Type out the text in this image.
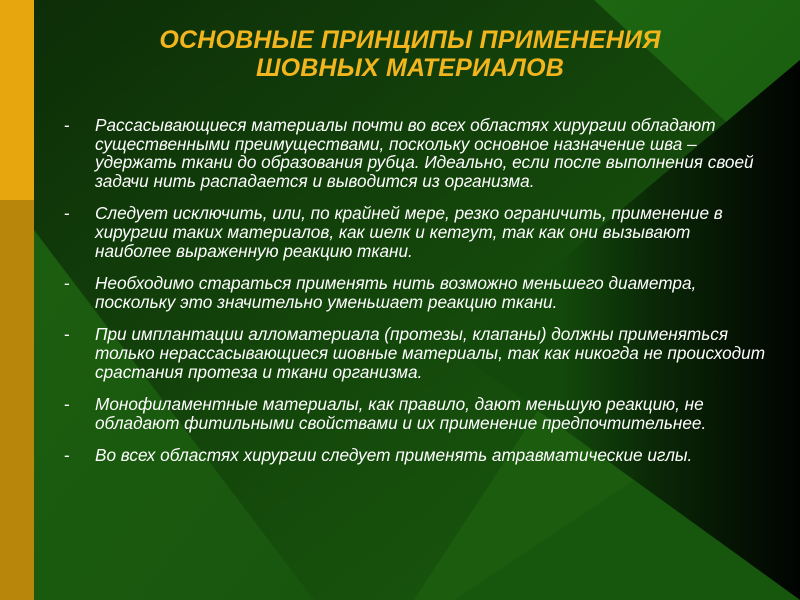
ОСНОВНЫЕ ПРИНЦИПЫ ПРИМЕНЕНИЯ
ШОВНЫХ МАТЕРИАЛОВ
- Рассасывающиеся материалы почти во всех областях хирургии обладают существенными преимуществами, поскольку основное назначение шва – удержать ткани до образования рубца. Идеально, если после выполнения своей задачи нить распадается и выводится из организма.
- Следует исключить, или, по крайней мере, резко ограничить, применение в хирургии таких материалов, как шелк и кетгут, так как они вызывают наиболее выраженную реакцию ткани.
- Необходимо стараться применять нить возможно меньшего диаметра, поскольку это значительно уменьшает реакцию ткани.
- При имплантации алломатериала (протезы, клапаны) должны применяться только нерассасывающиеся шовные материалы, так как никогда не происходит срастания протеза и ткани организма.
- Монофиламентные материалы, как правило, дают меньшую реакцию, не обладают фитильными свойствами и их применение предпочтительнее.
- Во всех областях хирургии следует применять атравматические иглы.
